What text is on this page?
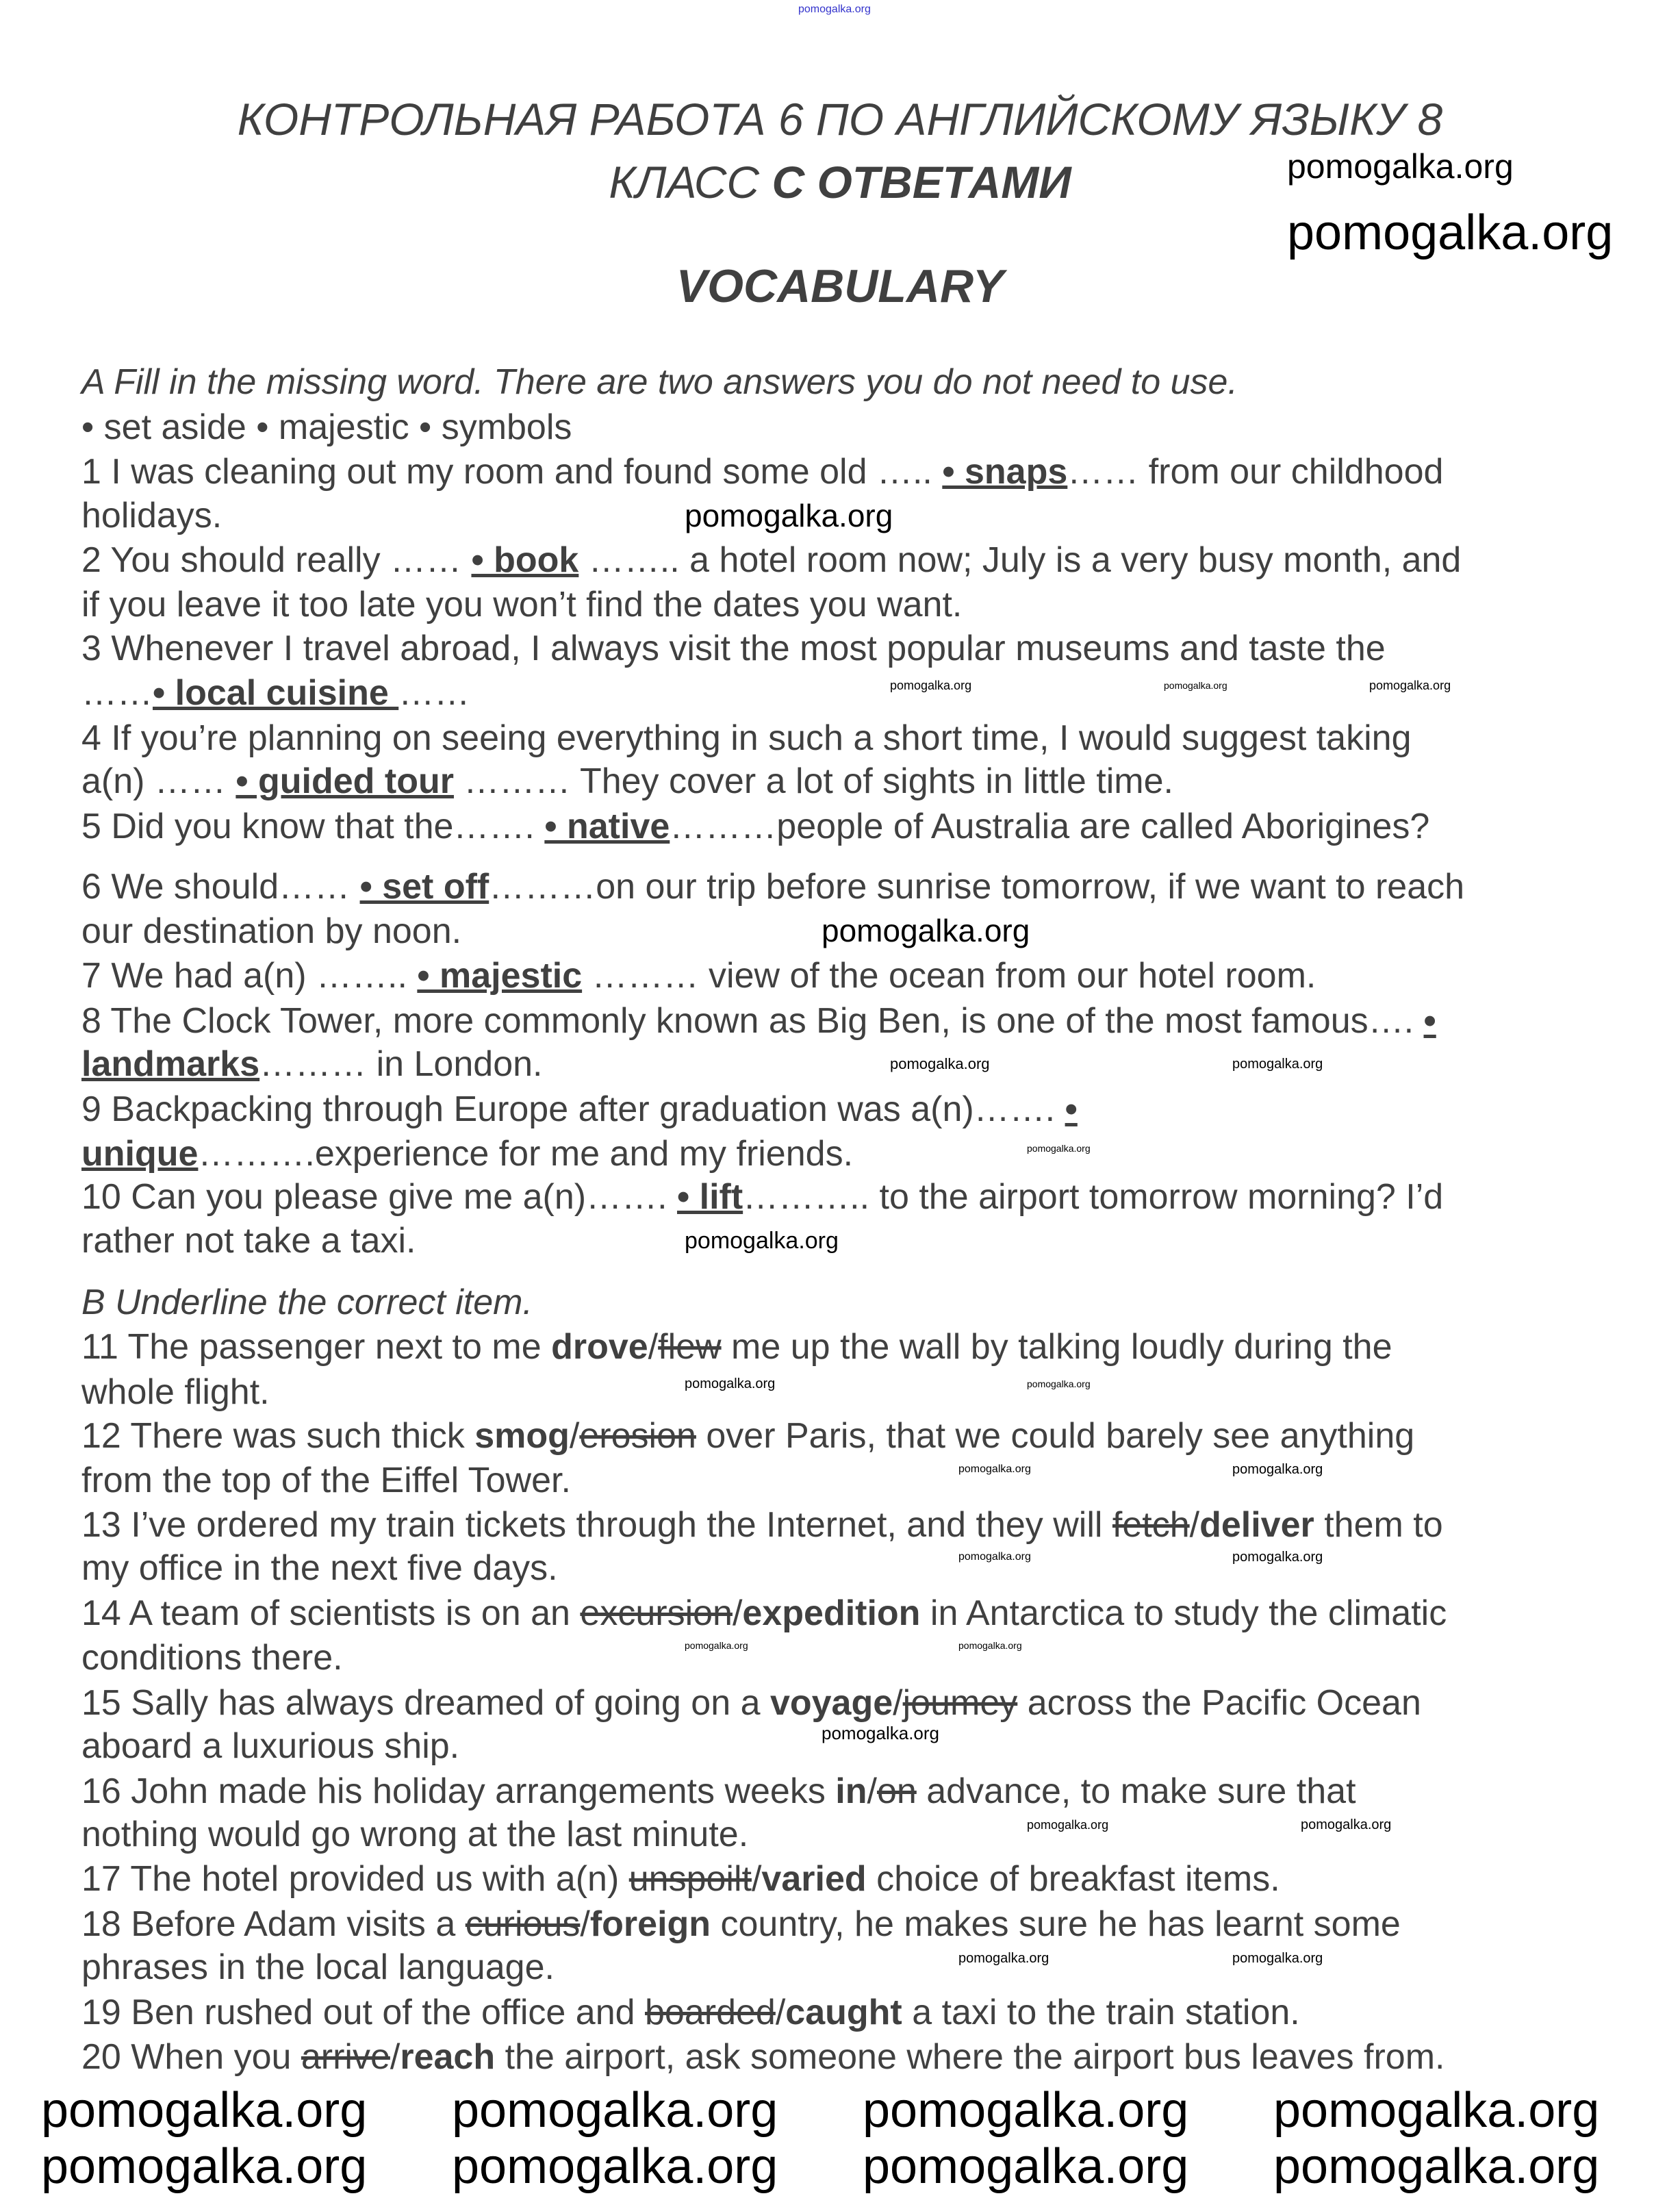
КОНТРОЛЬНАЯ РАБОТА 6 ПО АНГЛИЙСКОМУ ЯЗЫКУ 8
КЛАСС С ОТВЕТАМИ
VOCABULARY
A Fill in the missing word. There are two answers you do not need to use.
• set aside • majestic • symbols
1 I was cleaning out my room and found some old ….. • snaps…… from our childhood
holidays.
2 You should really …… • book …….. a hotel room now; July is a very busy month, and
if you leave it too late you won’t find the dates you want.
3 Whenever I travel abroad, I always visit the most popular museums and taste the
……• local cuisine ……
4 If you’re planning on seeing everything in such a short time, I would suggest taking
a(n) …… • guided tour ……… They cover a lot of sights in little time.
5 Did you know that the……. • native………people of Australia are called Aborigines?
6 We should…… • set off………on our trip before sunrise tomorrow, if we want to reach
our destination by noon.
7 We had a(n) …….. • majestic ……… view of the ocean from our hotel room.
8 The Clock Tower, more commonly known as Big Ben, is one of the most famous…. •
landmarks……… in London.
9 Backpacking through Europe after graduation was a(n)……. •
unique……….experience for me and my friends.
10 Can you please give me a(n)……. • lift……….. to the airport tomorrow morning? I’d
rather not take a taxi.
B Underline the correct item.
11 The passenger next to me drove/flew me up the wall by talking loudly during the
whole flight.
12 There was such thick smog/erosion over Paris, that we could barely see anything
from the top of the Eiffel Tower.
13 I’ve ordered my train tickets through the Internet, and they will fetch/deliver them to
my office in the next five days.
14 A team of scientists is on an excursion/expedition in Antarctica to study the climatic
conditions there.
15 Sally has always dreamed of going on a voyage/joumey across the Pacific Ocean
aboard a luxurious ship.
16 John made his holiday arrangements weeks in/on advance, to make sure that
nothing would go wrong at the last minute.
17 The hotel provided us with a(n) unspoilt/varied choice of breakfast items.
18 Before Adam visits a curious/foreign country, he makes sure he has learnt some
phrases in the local language.
19 Ben rushed out of the office and boarded/caught a taxi to the train station.
20 When you arrive/reach the airport, ask someone where the airport bus leaves from.
pomogalka.org
pomogalka.org
pomogalka.org
pomogalka.org pomogalka.org pomogalka.org pomogalka.org
pomogalka.org pomogalka.org pomogalka.org pomogalka.org
pomogalka.org
pomogalka.org
pomogalka.org
pomogalka.org	pomogalka.org	pomogalka.org
pomogalka.org	pomogalka.org
pomogalka.org
pomogalka.org	pomogalka.org
pomogalka.org	pomogalka.org
pomogalka.org	pomogalka.org
pomogalka.org	pomogalka.org
pomogalka.org
pomogalka.org	pomogalka.org
pomogalka.org	pomogalka.org
